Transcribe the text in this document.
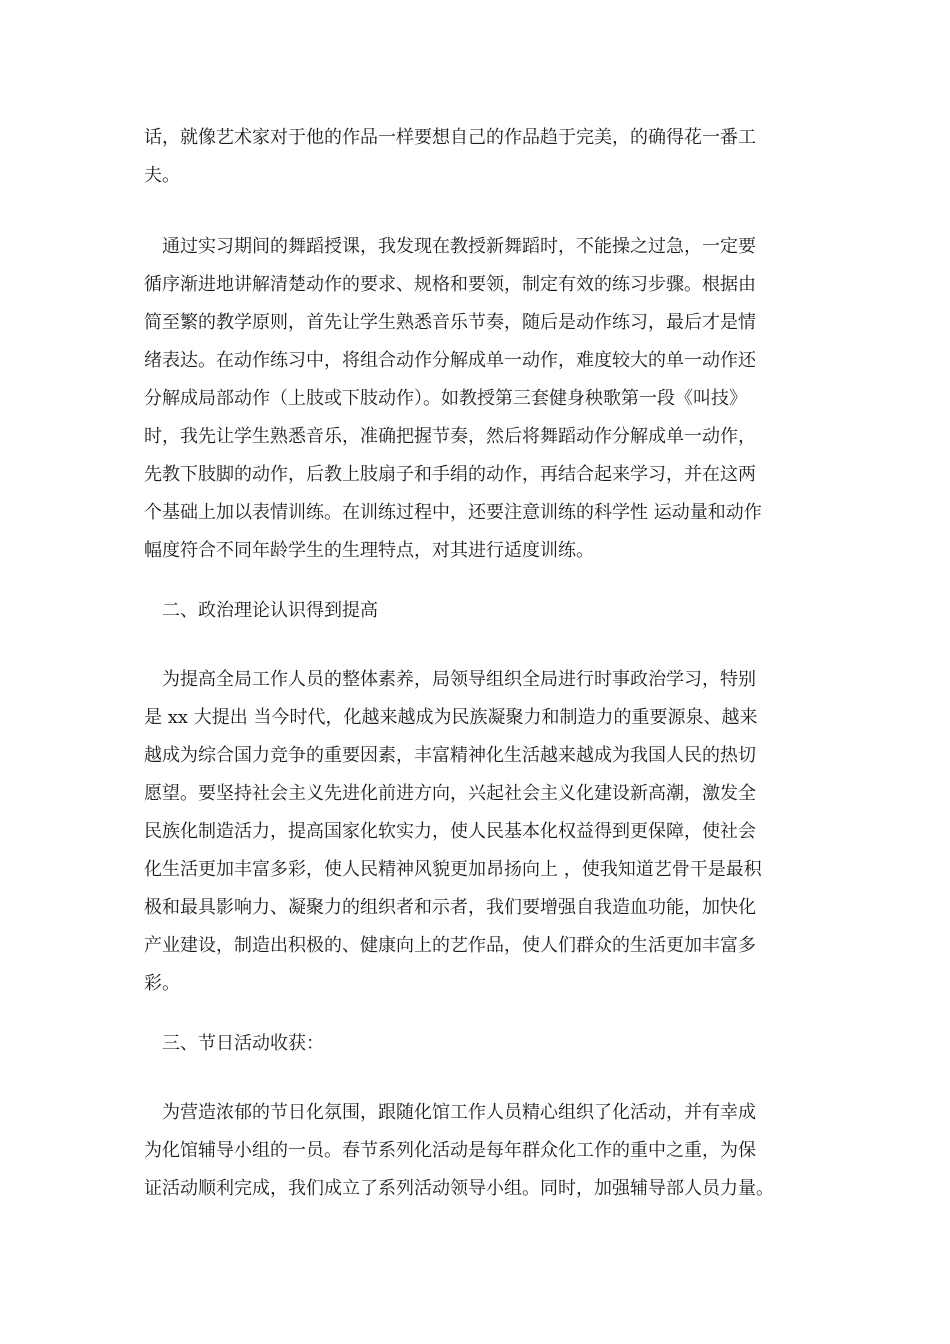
话，就像艺术家对于他的作品一样要想自己的作品趋于完美，的确得花一番工
夫。
通过实习期间的舞蹈授课，我发现在教授新舞蹈时，不能操之过急，一定要
循序渐进地讲解清楚动作的要求、规格和要领，制定有效的练习步骤。根据由
简至繁的教学原则，首先让学生熟悉音乐节奏，随后是动作练习，最后才是情
绪表达。在动作练习中，将组合动作分解成单一动作，难度较大的单一动作还
分解成局部动作（上肢或下肢动作）。如教授第三套健身秧歌第一段《叫技》
时，我先让学生熟悉音乐，准确把握节奏，然后将舞蹈动作分解成单一动作，
先教下肢脚的动作，后教上肢扇子和手绢的动作，再结合起来学习，并在这两
个基础上加以表情训练。在训练过程中，还要注意训练的科学性 运动量和动作
幅度符合不同年龄学生的生理特点，对其进行适度训练。
二、政治理论认识得到提高
为提高全局工作人员的整体素养，局领导组织全局进行时事政治学习，特别
是 xx 大提出 当今时代，化越来越成为民族凝聚力和制造力的重要源泉、越来
越成为综合国力竞争的重要因素，丰富精神化生活越来越成为我国人民的热切
愿望。要坚持社会主义先进化前进方向，兴起社会主义化建设新高潮，激发全
民族化制造活力，提高国家化软实力，使人民基本化权益得到更保障，使社会
化生活更加丰富多彩，使人民精神风貌更加昂扬向上 ，使我知道艺骨干是最积
极和最具影响力、凝聚力的组织者和示者，我们要增强自我造血功能，加快化
产业建设，制造出积极的、健康向上的艺作品，使人们群众的生活更加丰富多
彩。
三、节日活动收获：
为营造浓郁的节日化氛围，跟随化馆工作人员精心组织了化活动，并有幸成
为化馆辅导小组的一员。春节系列化活动是每年群众化工作的重中之重，为保
证活动顺利完成，我们成立了系列活动领导小组。同时，加强辅导部人员力量。
